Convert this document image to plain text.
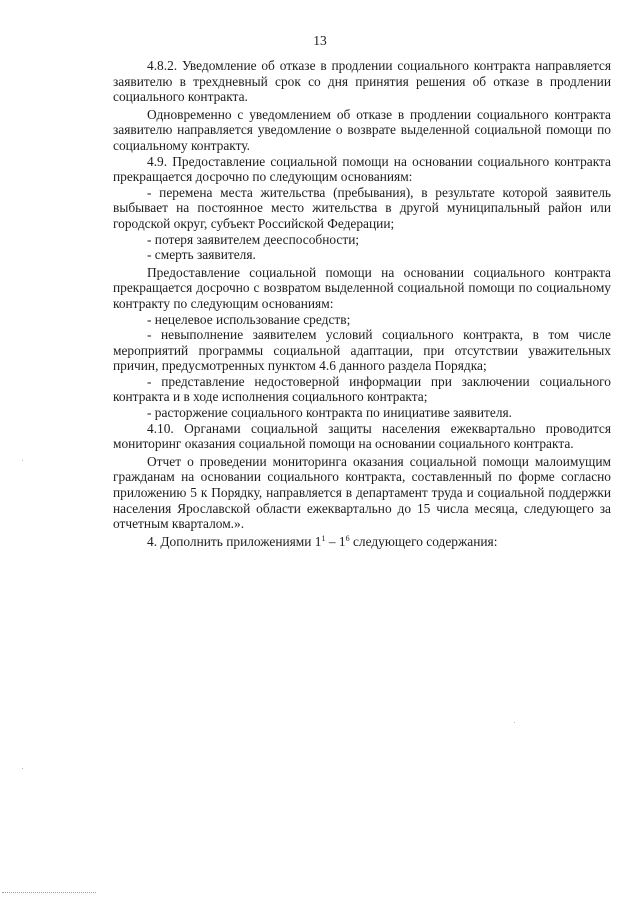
13

4.8.2. Уведомление об отказе в продлении социального контракта направляется заявителю в трехдневный срок со дня принятия решения об отказе в продлении социального контракта.

Одновременно с уведомлением об отказе в продлении социального контракта заявителю направляется уведомление о возврате выделенной социальной помощи по социальному контракту.

4.9. Предоставление социальной помощи на основании социального контракта прекращается досрочно по следующим основаниям:

- перемена места жительства (пребывания), в результате которой заявитель выбывает на постоянное место жительства в другой муниципальный район или городской округ, субъект Российской Федерации;

- потеря заявителем дееспособности;

- смерть заявителя.

Предоставление социальной помощи на основании социального контракта прекращается досрочно с возвратом выделенной социальной помощи по социальному контракту по следующим основаниям:

- нецелевое использование средств;

- невыполнение заявителем условий социального контракта, в том числе мероприятий программы социальной адаптации, при отсутствии уважительных причин, предусмотренных пунктом 4.6 данного раздела Порядка;

- представление недостоверной информации при заключении социального контракта и в ходе исполнения социального контракта;

- расторжение социального контракта по инициативе заявителя.

4.10. Органами социальной защиты населения ежеквартально проводится мониторинг оказания социальной помощи на основании социального контракта.

Отчет о проведении мониторинга оказания социальной помощи малоимущим гражданам на основании социального контракта, составленный по форме согласно приложению 5 к Порядку, направляется в департамент труда и социальной поддержки населения Ярославской области ежеквартально до 15 числа месяца, следующего за отчетным кварталом.».

4. Дополнить приложениями $1^1 - 1^6$ следующего содержания:
